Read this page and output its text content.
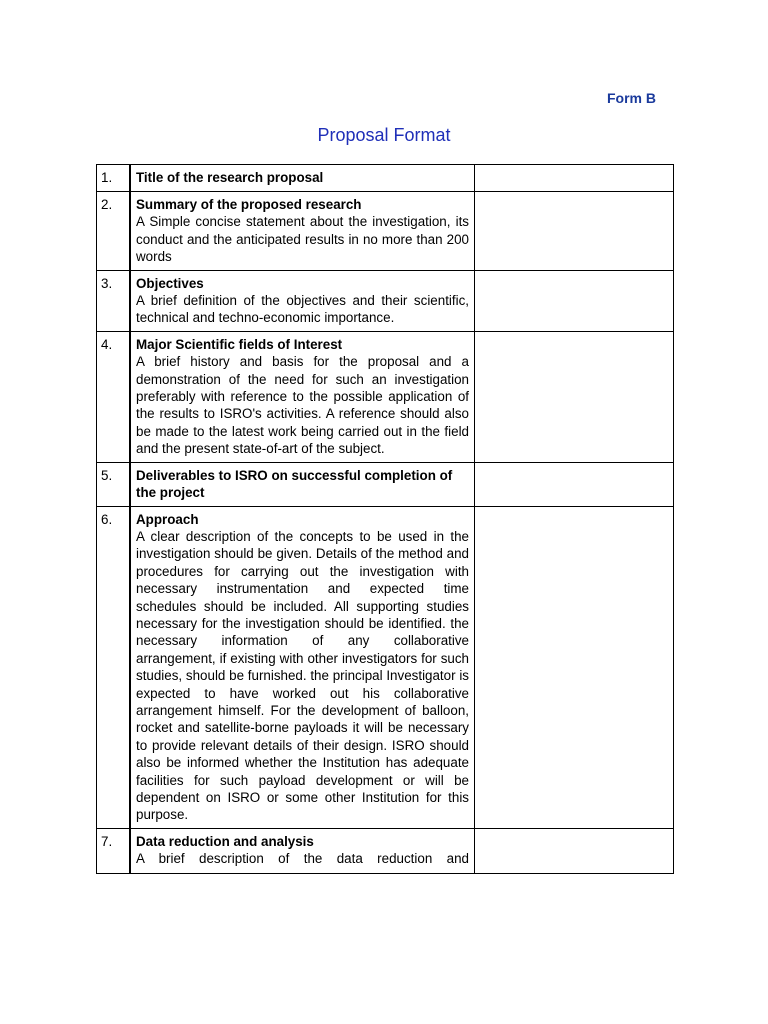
Form B
Proposal Format
1.	Title of the research proposal	

2.	Summary of the proposed research
A Simple concise statement about the investigation, its conduct and the anticipated results in no more than 200 words	

3.	Objectives
A brief definition of the objectives and their scientific, technical and techno-economic importance.	

4.	Major Scientific fields of Interest
A brief history and basis for the proposal and a demonstration of the need for such an investigation preferably with reference to the possible application of the results to ISRO's activities. A reference should also be made to the latest work being carried out in the field and the present state-of-art of the subject.	

5.	Deliverables to ISRO on successful completion of the project	

6.	Approach
A clear description of the concepts to be used in the investigation should be given. Details of the method and procedures for carrying out the investigation with necessary instrumentation and expected time schedules should be included. All supporting studies necessary for the investigation should be identified. the necessary information of any collaborative arrangement, if existing with other investigators for such studies, should be furnished. the principal Investigator is expected to have worked out his collaborative arrangement himself. For the development of balloon, rocket and satellite-borne payloads it will be necessary to provide relevant details of their design. ISRO should also be informed whether the Institution has adequate facilities for such payload development or will be dependent on ISRO or some other Institution for this purpose.	

7.	Data reduction and analysis
A brief description of the data reduction and	
